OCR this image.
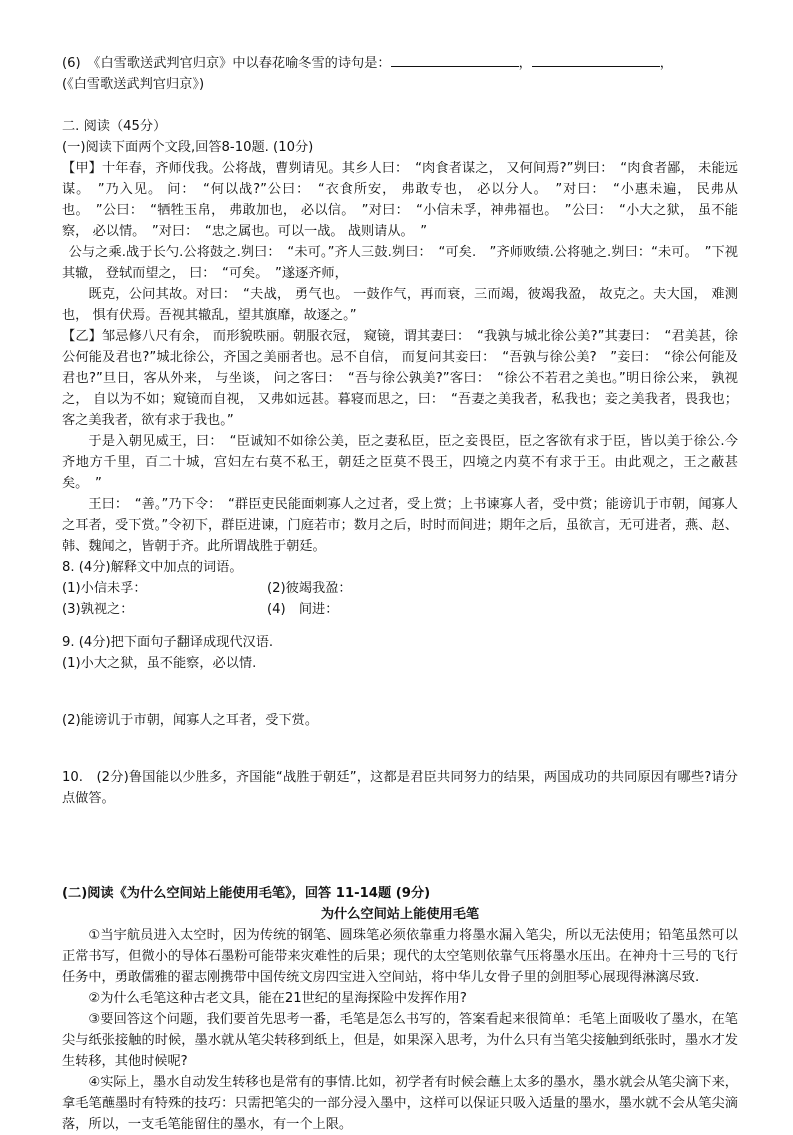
(6)　《白雪歌送武判官归京》中以春花喻冬雪的诗句是：	，	，

(《白雪歌送武判官归京》)

二. 阅读（45分）

(一)阅读下面两个文段,回答8-10题. (10分)

【甲】十年春，齐师伐我。公将战，曹刿请见。其乡人曰：　“肉食者谋之， 又何间焉?”刿曰：　“肉食者鄙， 未能远谋。　”乃入见。 问：　“何以战?”公曰：　“衣食所安， 弗敢专也， 必以分人。　”对曰：　“小惠未遍， 民弗从也。　”公曰：　“牺牲玉帛， 弗敢加也， 必以信。　”对曰：　“小信未孚，神弗福也。　”公曰：　“小大之狱， 虽不能察， 必以情。　”对曰：　“忠之属也。可以一战。 战则请从。　”

公与之乘.战于长勺.公将鼓之.刿曰：　“未可。”齐人三鼓.刿曰：　“可矣.　”齐师败绩.公将驰之.刿曰：“未可。　”下视其辙， 登轼而望之， 曰：　“可矣。　”遂逐齐师，

既克，公问其故。对曰：　“夫战， 勇气也。 一鼓作气，再而衰，三而竭，彼竭我盈， 故克之。夫大国， 难测也， 惧有伏焉。吾视其辙乱，望其旗靡，故逐之。”

【乙】邹忌修八尺有余， 而形貌昳丽。朝服衣冠， 窥镜，谓其妻曰：　“我孰与城北徐公美?”其妻曰：　“君美甚，徐公何能及君也?”城北徐公，齐国之美丽者也。忌不自信， 而复问其妾曰：　“吾孰与徐公美?　”妾曰：　“徐公何能及君也?”旦日，客从外来， 与坐谈， 问之客曰：　“吾与徐公孰美?”客曰：　“徐公不若君之美也。”明日徐公来， 孰视之， 自以为不如；窥镜而自视， 又弗如远甚。暮寝而思之，曰：　“吾妻之美我者，私我也；妾之美我者，畏我也；客之美我者，欲有求于我也。”

于是入朝见威王，曰：　“臣诚知不如徐公美，臣之妻私臣，臣之妾畏臣，臣之客欲有求于臣，皆以美于徐公.今齐地方千里，百二十城，宫妇左右莫不私王，朝廷之臣莫不畏王，四境之内莫不有求于王。由此观之，王之蔽甚矣。　”

王曰：　“善。”乃下令：　“群臣吏民能面刺寡人之过者，受上赏；上书谏寡人者，受中赏；能谤讥于市朝，闻寡人之耳者，受下赏。”令初下，群臣进谏，门庭若市；数月之后，时时而间进；期年之后，虽欲言，无可进者，燕、赵、韩、魏闻之，皆朝于齐。此所谓战胜于朝廷。

8. (4分)解释文中加点的词语。

(1)小信未孚：	(2)彼竭我盈：
(3)孰视之：	(4)　间进：

9. (4分)把下面句子翻译成现代汉语.

(1)小大之狱，虽不能察，必以情.

(2)能谤讥于市朝，闻寡人之耳者，受下赏。

10.　(2分)鲁国能以少胜多，齐国能“战胜于朝廷”，这都是君臣共同努力的结果，两国成功的共同原因有哪些?请分点做答。

(二)阅读《为什么空间站上能使用毛笔》，回答 11-14题 (9分)

为什么空间站上能使用毛笔

①当宇航员进入太空时，因为传统的钢笔、圆珠笔必须依靠重力将墨水漏入笔尖，所以无法使用；铅笔虽然可以正常书写，但微小的导体石墨粉可能带来灾难性的后果；现代的太空笔则依靠气压将墨水压出。在神舟十三号的飞行任务中，勇敢儒雅的翟志刚携带中国传统文房四宝进入空间站，将中华儿女骨子里的剑胆琴心展现得淋漓尽致.

②为什么毛笔这种古老文具，能在21世纪的星海探险中发挥作用?

③要回答这个问题，我们要首先思考一番，毛笔是怎么书写的，答案看起来很简单：毛笔上面吸收了墨水，在笔尖与纸张接触的时候，墨水就从笔尖转移到纸上，但是，如果深入思考，为什么只有当笔尖接触到纸张时，墨水才发生转移，其他时候呢?

④实际上，墨水自动发生转移也是常有的事情.比如，初学者有时候会蘸上太多的墨水，墨水就会从笔尖滴下来，拿毛笔蘸墨时有特殊的技巧：只需把笔尖的一部分浸入墨中，这样可以保证只吸入适量的墨水，墨水就不会从笔尖滴落，所以，一支毛笔能留住的墨水，有一个上限。
